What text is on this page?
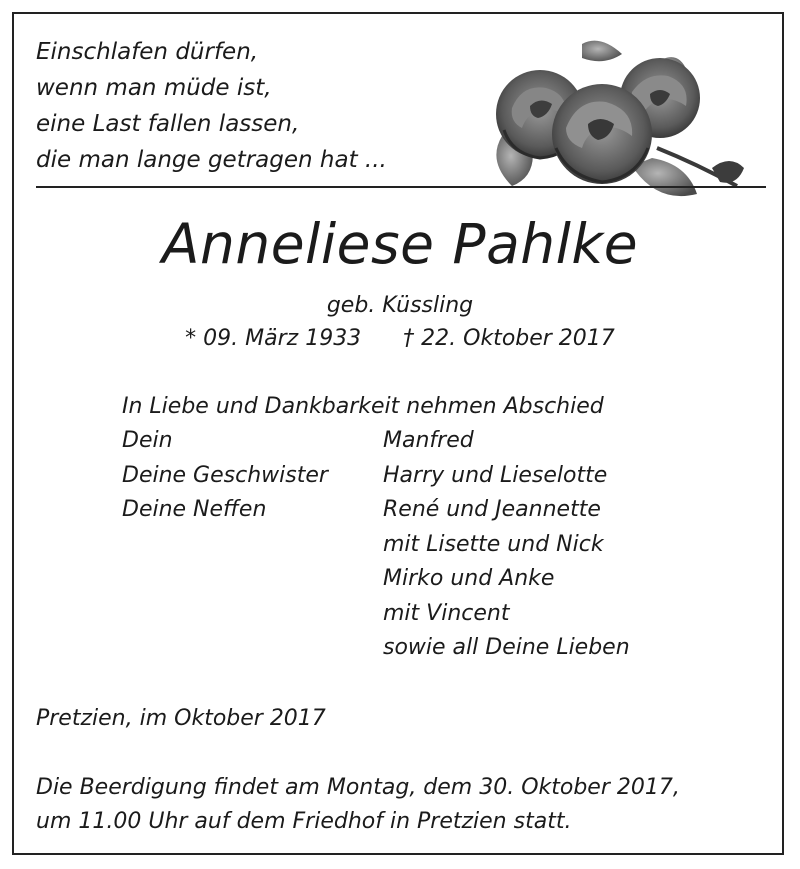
Einschlafen dürfen,
wenn man müde ist,
eine Last fallen lassen,
die man lange getragen hat ...
Anneliese Pahlke
geb. Küssling
* 09. März 1933 † 22. Oktober 2017
In Liebe und Dankbarkeit nehmen Abschied
Dein
Deine Geschwister
Deine Neffen
Manfred
Harry und Lieselotte
René und Jeannette
mit Lisette und Nick
Mirko und Anke
mit Vincent
sowie all Deine Lieben
Pretzien, im Oktober 2017
Die Beerdigung findet am Montag, dem 30. Oktober 2017,
um 11.00 Uhr auf dem Friedhof in Pretzien statt.
